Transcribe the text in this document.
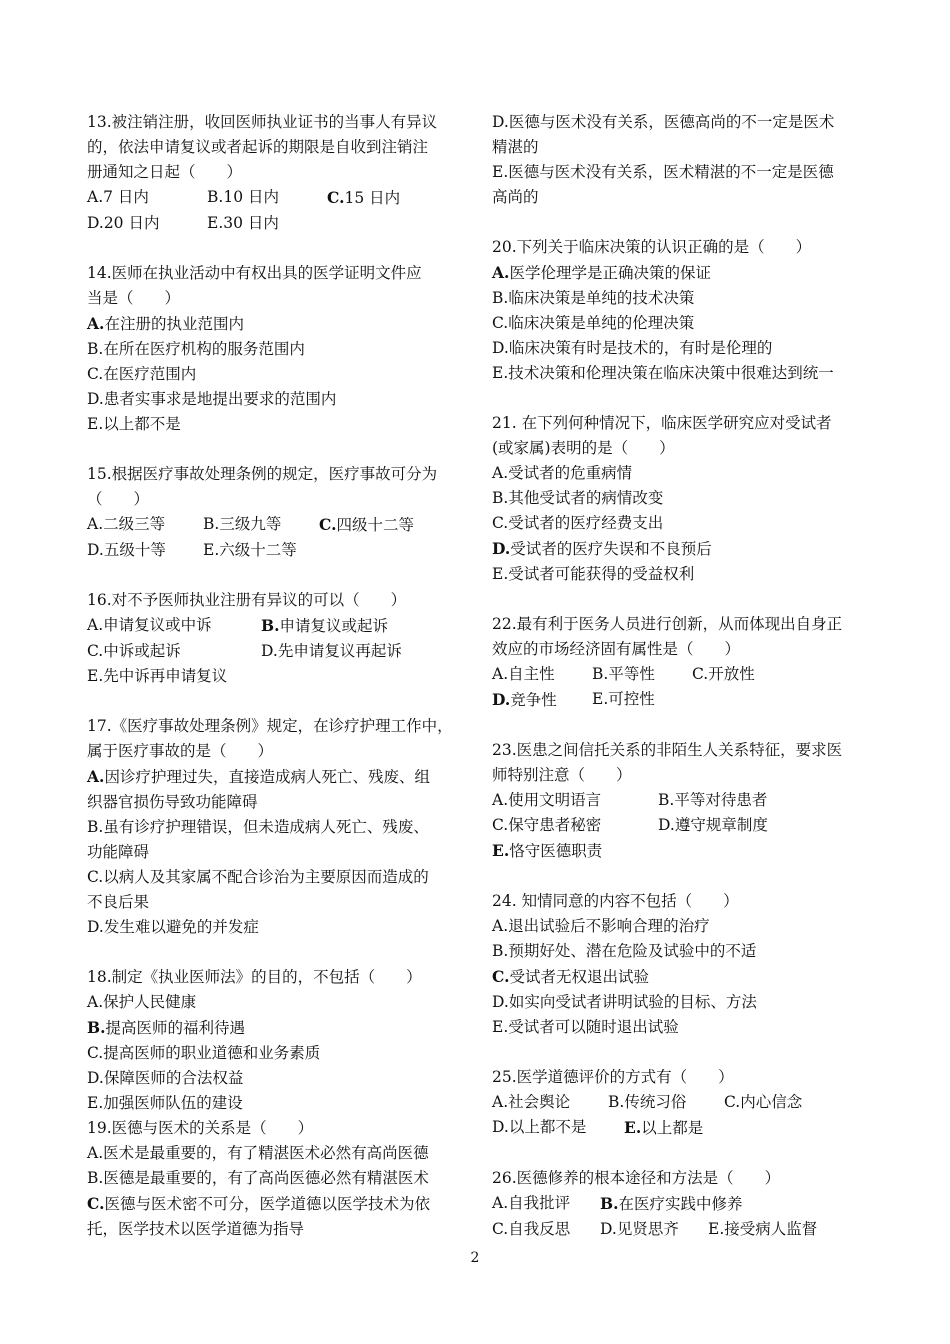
13.被注销注册，收回医师执业证书的当事人有异议
的，依法申请复议或者起诉的期限是自收到注销注
册通知之日起（　　）
A.7 日内	B.10 日内	C.15 日内
D.20 日内	E.30 日内
14.医师在执业活动中有权出具的医学证明文件应
当是（　　）
A.在注册的执业范围内
B.在所在医疗机构的服务范围内
C.在医疗范围内
D.患者实事求是地提出要求的范围内
E.以上都不是
15.根据医疗事故处理条例的规定，医疗事故可分为
（　　）
A.二级三等	B.三级九等	C.四级十二等
D.五级十等	E.六级十二等
16.对不予医师执业注册有异议的可以（　　）
A.申请复议或中诉	B.申请复议或起诉
C.中诉或起诉	D.先申请复议再起诉
E.先中诉再申请复议
17.《医疗事故处理条例》规定，在诊疗护理工作中，
属于医疗事故的是（　　）
A.因诊疗护理过失，直接造成病人死亡、残废、组
织器官损伤导致功能障碍
B.虽有诊疗护理错误，但未造成病人死亡、残废、
功能障碍
C.以病人及其家属不配合诊治为主要原因而造成的
不良后果
D.发生难以避免的并发症
18.制定《执业医师法》的目的，不包括（　　）
A.保护人民健康
B.提高医师的福利待遇
C.提高医师的职业道德和业务素质
D.保障医师的合法权益
E.加强医师队伍的建设
19.医德与医术的关系是（　　）
A.医术是最重要的，有了精湛医术必然有高尚医德
B.医德是最重要的，有了高尚医德必然有精湛医术
C.医德与医术密不可分，医学道德以医学技术为依
托，医学技术以医学道德为指导
D.医德与医术没有关系，医德高尚的不一定是医术
精湛的
E.医德与医术没有关系，医术精湛的不一定是医德
高尚的
20.下列关于临床决策的认识正确的是（　　）
A.医学伦理学是正确决策的保证
B.临床决策是单纯的技术决策
C.临床决策是单纯的伦理决策
D.临床决策有时是技术的，有时是伦理的
E.技术决策和伦理决策在临床决策中很难达到统一
21. 在下列何种情况下，临床医学研究应对受试者
(或家属)表明的是（　　）
A.受试者的危重病情
B.其他受试者的病情改变
C.受试者的医疗经费支出
D.受试者的医疗失误和不良预后
E.受试者可能获得的受益权利
22.最有利于医务人员进行创新，从而体现出自身正
效应的市场经济固有属性是（　　）
A.自主性	B.平等性	C.开放性
D.竞争性	E.可控性
23.医患之间信托关系的非陌生人关系特征，要求医
师特别注意（　　）
A.使用文明语言	B.平等对待患者
C.保守患者秘密	D.遵守规章制度
E.恪守医德职责
24. 知情同意的内容不包括（　　）
A.退出试验后不影响合理的治疗
B.预期好处、潜在危险及试验中的不适
C.受试者无权退出试验
D.如实向受试者讲明试验的目标、方法
E.受试者可以随时退出试验
25.医学道德评价的方式有（　　）
A.社会舆论	B.传统习俗	C.内心信念
D.以上都不是	E.以上都是
26.医德修养的根本途径和方法是（　　）
A.自我批评	B.在医疗实践中修养
C.自我反思	D.见贤思齐	E.接受病人监督
2
